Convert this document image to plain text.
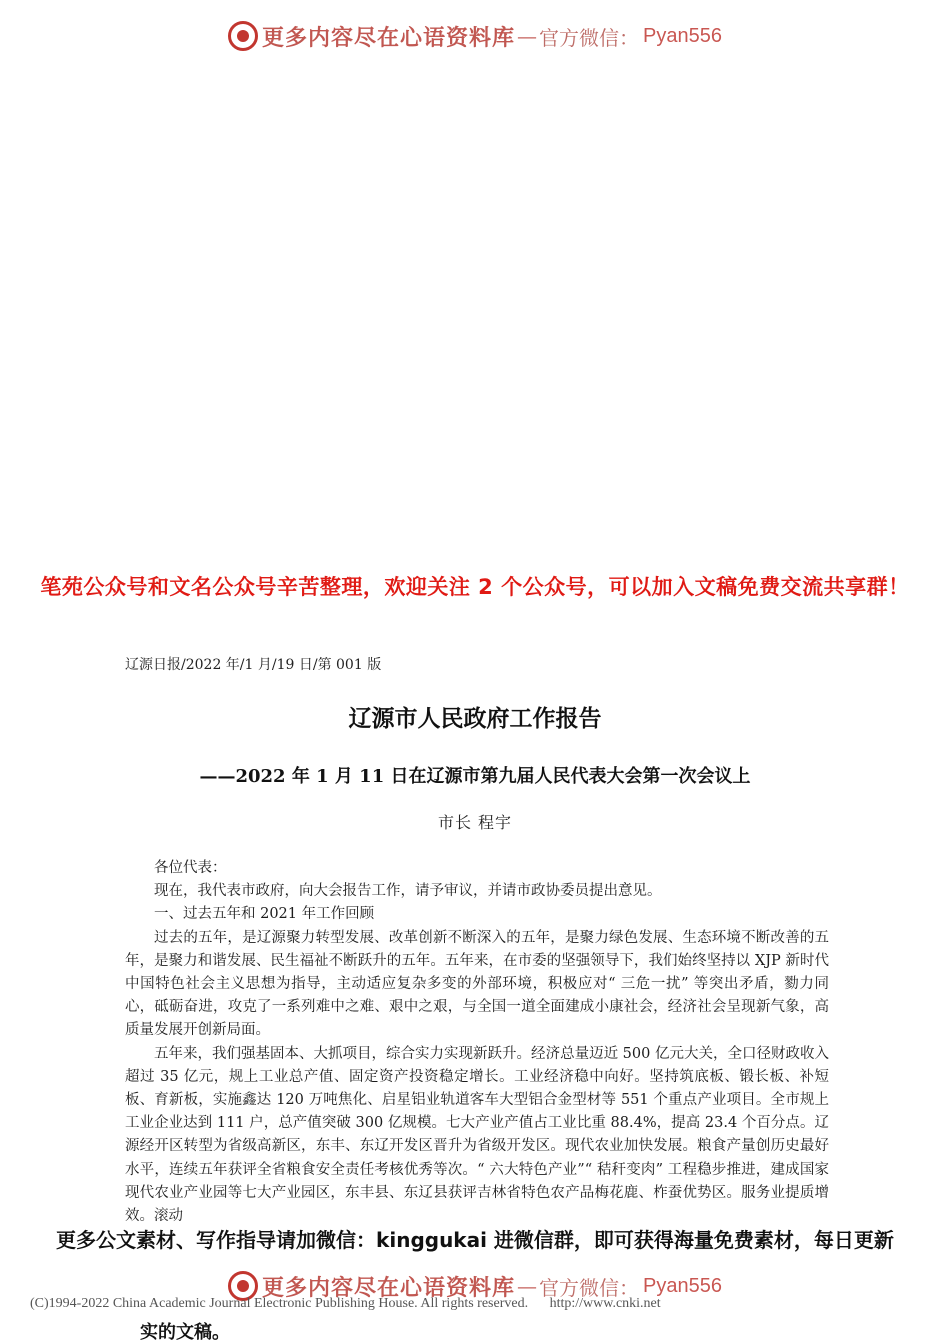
更多内容尽在心语资料库 — 官方微信： Pyan556
笔苑公众号和文名公众号辛苦整理，欢迎关注 2 个公众号，可以加入文稿免费交流共享群！
辽源日报/2022 年/1 月/19 日/第 001 版
辽源市人民政府工作报告
——2022 年 1 月 11 日在辽源市第九届人民代表大会第一次会议上
市长 程宇

各位代表：

现在，我代表市政府，向大会报告工作，请予审议，并请市政协委员提出意见。

一、过去五年和 2021 年工作回顾

过去的五年，是辽源聚力转型发展、改革创新不断深入的五年，是聚力绿色发展、生态环境不断改善的五年，是聚力和谐发展、民生福祉不断跃升的五年。五年来，在市委的坚强领导下，我们始终坚持以 XJP 新时代中国特色社会主义思想为指导，主动适应复杂多变的外部环境，积极应对“ 三危一扰” 等突出矛盾，勠力同心，砥砺奋进，攻克了一系列难中之难、艰中之艰，与全国一道全面建成小康社会，经济社会呈现新气象，高质量发展开创新局面。

五年来，我们强基固本、大抓项目，综合实力实现新跃升。经济总量迈近 500 亿元大关，全口径财政收入超过 35 亿元，规上工业总产值、固定资产投资稳定增长。工业经济稳中向好。坚持筑底板、锻长板、补短板、育新板，实施鑫达 120 万吨焦化、启星铝业轨道客车大型铝合金型材等 551 个重点产业项目。全市规上工业企业达到 111 户，总产值突破 300 亿规模。七大产业产值占工业比重 88.4%，提高 23.4 个百分点。辽源经开区转型为省级高新区，东丰、东辽开发区晋升为省级开发区。现代农业加快发展。粮食产量创历史最好水平，连续五年获评全省粮食安全责任考核优秀等次。“ 六大特色产业”“ 秸秆变肉” 工程稳步推进，建成国家现代农业产业园等七大产业园区，东丰县、东辽县获评吉林省特色农产品梅花鹿、柞蚕优势区。服务业提质增效。滚动

更多公文素材、写作指导请加微信：kinggukai 进微信群，即可获得海量免费素材，每日更新
更多内容尽在心语资料库 — 官方微信： Pyan556
(C)1994-2022 China Academic Journal Electronic Publishing House. All rights reserved. http://www.cnki.net
实的文稿。
